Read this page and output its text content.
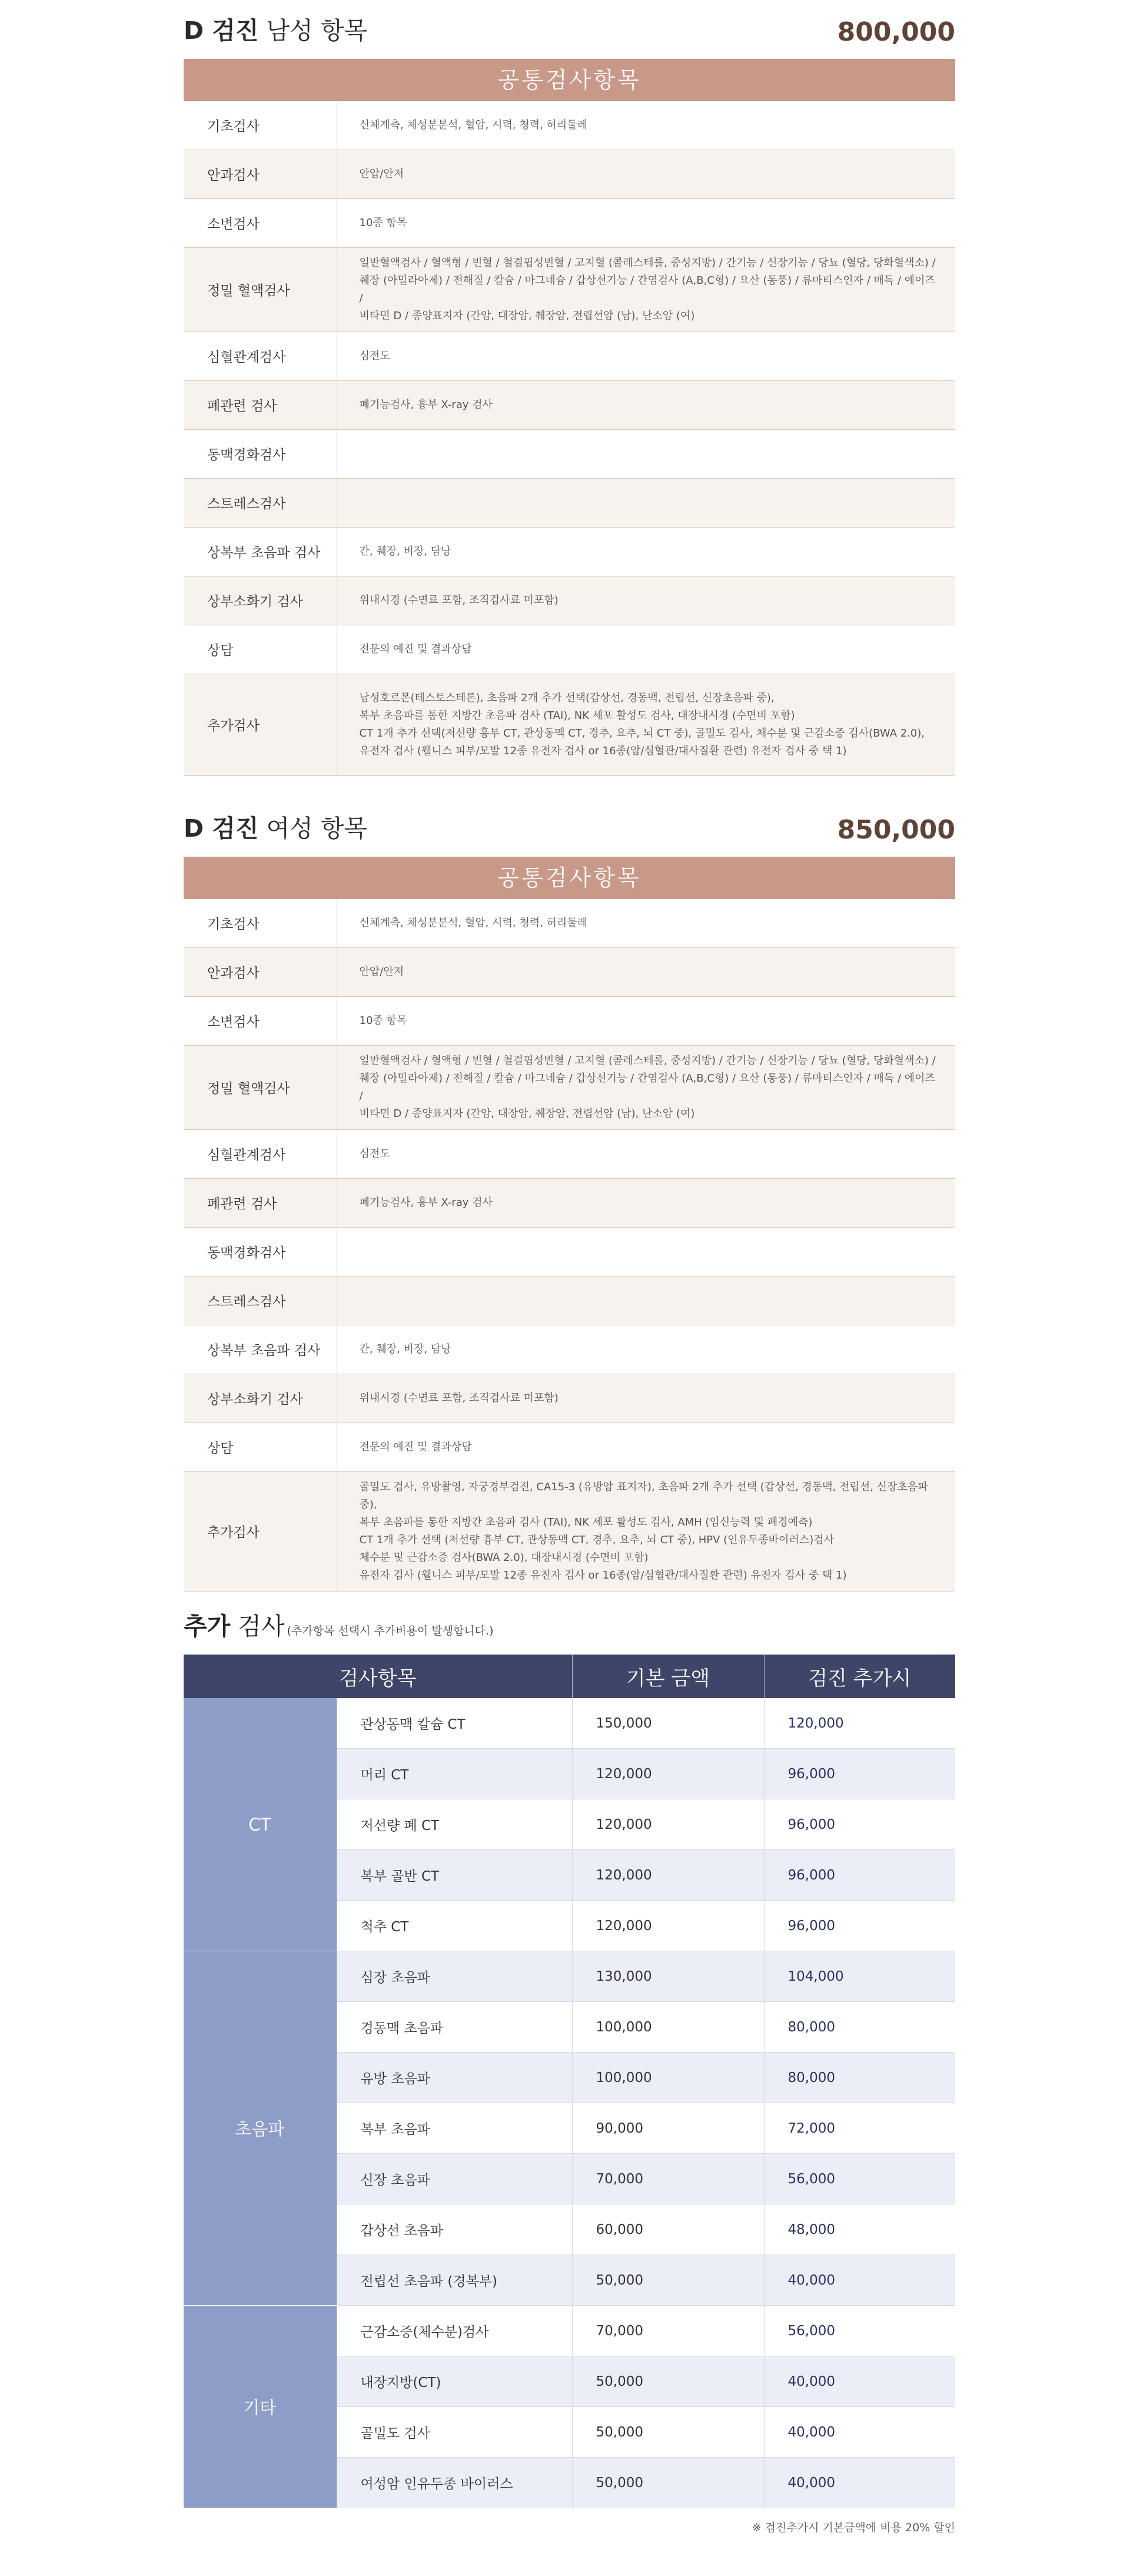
D 검진 남성 항목	800,000
공통검사항목
기초검사	신체계측, 체성분분석, 혈압, 시력, 청력, 허리둘레

안과검사	안압/안저

소변검사	10종 항목

정밀 혈액검사	일반혈액검사 / 혈액형 / 빈혈 / 철결핍성빈혈 / 고지혈 (콜레스테롤, 중성지방) / 간기능 / 신장기능 / 당뇨 (혈당, 당화혈색소) /

췌장 (아밀라아제) / 전해질 / 칼슘 / 마그네슘 / 갑상선기능 / 간염검사 (A,B,C형) / 요산 (통풍) / 류마티스인자 / 매독 / 에이즈 /

비타민 D / 종양표지자 (간암, 대장암, 췌장암, 전립선암 (남), 난소암 (여)

심혈관계검사	심전도

폐관련 검사	폐기능검사, 흉부 X-ray 검사

동맥경화검사	

스트레스검사	

상복부 초음파 검사	간, 췌장, 비장, 담낭

상부소화기 검사	위내시경 (수면료 포함, 조직검사료 미포함)

상담	전문의 예진 및 결과상담

추가검사	남성호르몬(테스토스테론), 초음파 2개 추가 선택(갑상선, 경동맥, 전립선, 신장초음파 중),

복부 초음파를 통한 지방간 초음파 검사 (TAI), NK 세포 활성도 검사, 대장내시경 (수면비 포함)

CT 1개 추가 선택(저선량 흉부 CT, 관상동맥 CT, 경추, 요추, 뇌 CT 중), 골밀도 검사, 체수분 및 근감소증 검사(BWA 2.0),

유전자 검사 (웰니스 피부/모발 12종 유전자 검사 or 16종(암/심혈관/대사질환 관련) 유전자 검사 중 택 1)

D 검진 여성 항목	850,000
공통검사항목
기초검사	신체계측, 체성분분석, 혈압, 시력, 청력, 허리둘레

안과검사	안압/안저

소변검사	10종 항목

정밀 혈액검사	일반혈액검사 / 혈액형 / 빈혈 / 철결핍성빈혈 / 고지혈 (콜레스테롤, 중성지방) / 간기능 / 신장기능 / 당뇨 (혈당, 당화혈색소) /

췌장 (아밀라아제) / 전해질 / 칼슘 / 마그네슘 / 갑상선기능 / 간염검사 (A,B,C형) / 요산 (통풍) / 류마티스인자 / 매독 / 에이즈 /

비타민 D / 종양표지자 (간암, 대장암, 췌장암, 전립선암 (남), 난소암 (여)

심혈관계검사	심전도

폐관련 검사	폐기능검사, 흉부 X-ray 검사

동맥경화검사	

스트레스검사	

상복부 초음파 검사	간, 췌장, 비장, 담낭

상부소화기 검사	위내시경 (수면료 포함, 조직검사료 미포함)

상담	전문의 예진 및 결과상담

추가검사	골밀도 검사, 유방촬영, 자궁경부검진, CA15-3 (유방암 표지자), 초음파 2개 추가 선택 (갑상선, 경동맥, 전립선, 신장초음파 중),

복부 초음파를 통한 지방간 초음파 검사 (TAI), NK 세포 활성도 검사, AMH (임신능력 및 폐경예측)

CT 1개 추가 선택 (저선량 흉부 CT, 관상동맥 CT, 경추, 요추, 뇌 CT 중), HPV (인유두종바이러스)검사

체수분 및 근감소증 검사(BWA 2.0), 대장내시경 (수면비 포함)

유전자 검사 (웰니스 피부/모발 12종 유전자 검사 or 16종(암/심혈관/대사질환 관련) 유전자 검사 중 택 1)

추가 검사 (추가항목 선택시 추가비용이 발생합니다.)
검사항목		기본 금액	검진 추가시
CT	관상동맥 칼슘 CT	150,000	120,000
	머리 CT	120,000	96,000
	저선량 폐 CT	120,000	96,000
	복부 골반 CT	120,000	96,000
	척추 CT	120,000	96,000
초음파	심장 초음파	130,000	104,000
	경동맥 초음파	100,000	80,000
	유방 초음파	100,000	80,000
	복부 초음파	90,000	72,000
	신장 초음파	70,000	56,000
	갑상선 초음파	60,000	48,000
	전립선 초음파 (경복부)	50,000	40,000
기타	근감소증(체수분)검사	70,000	56,000
	내장지방(CT)	50,000	40,000
	골밀도 검사	50,000	40,000
	여성암 인유두종 바이러스	50,000	40,000
※ 검진추가시 기본금액에 비용 20% 할인
